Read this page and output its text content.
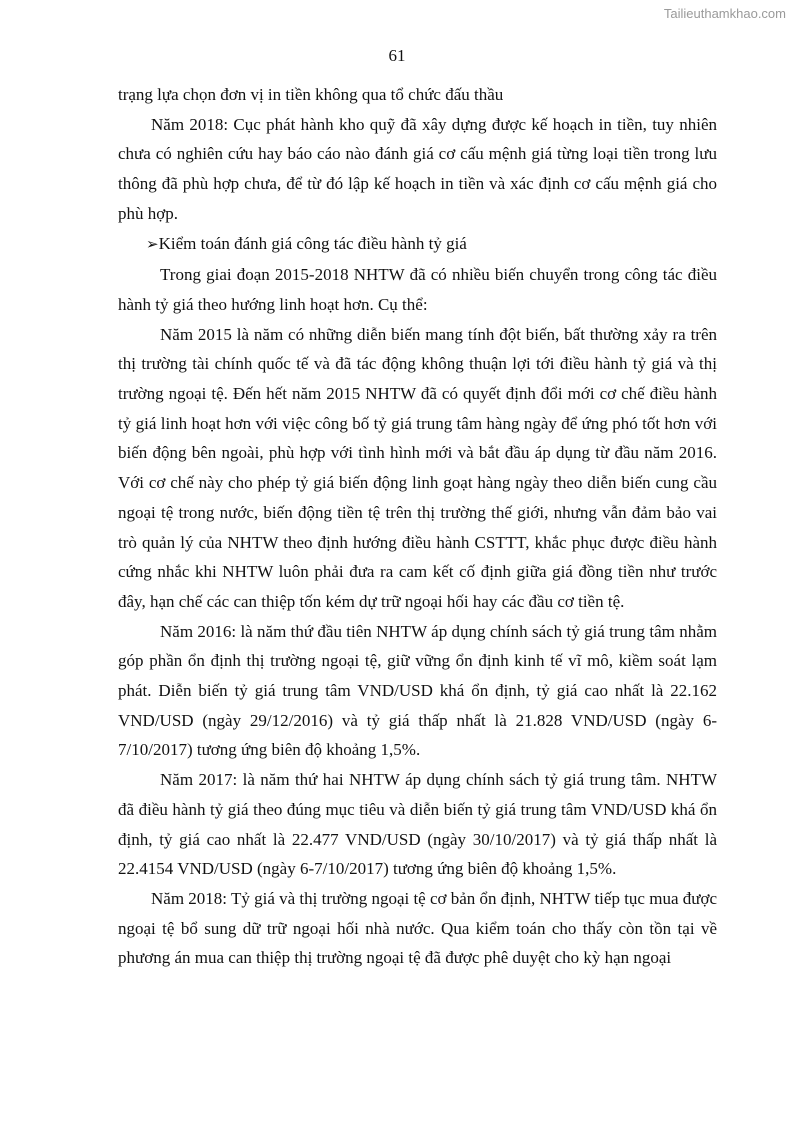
Tailieuthamkhao.com
61

trạng lựa chọn đơn vị in tiền không qua tổ chức đấu thầu

Năm 2018: Cục phát hành kho quỹ đã xây dựng được kế hoạch in tiền, tuy nhiên chưa có nghiên cứu hay báo cáo nào đánh giá cơ cấu mệnh giá từng loại tiền trong lưu thông đã phù hợp chưa, để từ đó lập kế hoạch in tiền và xác định cơ cấu mệnh giá cho phù hợp.

➢Kiểm toán đánh giá công tác điều hành tỷ giá

Trong giai đoạn 2015-2018 NHTW đã có nhiều biến chuyển trong công tác điều hành tỷ giá theo hướng linh hoạt hơn. Cụ thể:

Năm 2015 là năm có những diễn biến mang tính đột biến, bất thường xảy ra trên thị trường tài chính quốc tế và đã tác động không thuận lợi tới điều hành tỷ giá và thị trường ngoại tệ. Đến hết năm 2015 NHTW đã có quyết định đổi mới cơ chế điều hành tỷ giá linh hoạt hơn với việc công bố tỷ giá trung tâm hàng ngày để ứng phó tốt hơn với biến động bên ngoài, phù hợp với tình hình mới và bắt đầu áp dụng từ đầu năm 2016. Với cơ chế này cho phép tỷ giá biến động linh goạt hàng ngày theo diễn biến cung cầu ngoại tệ trong nước, biến động tiền tệ trên thị trường thế giới, nhưng vẫn đảm bảo vai trò quản lý của NHTW theo định hướng điều hành CSTTT, khắc phục được điều hành cứng nhắc khi NHTW luôn phải đưa ra cam kết cố định giữa giá đồng tiền như trước đây, hạn chế các can thiệp tốn kém dự trữ ngoại hối hay các đầu cơ tiền tệ.

Năm 2016: là năm thứ đầu tiên NHTW áp dụng chính sách tỷ giá trung tâm nhằm góp phần ổn định thị trường ngoại tệ, giữ vững ổn định kinh tế vĩ mô, kiềm soát lạm phát. Diễn biến tỷ giá trung tâm VND/USD khá ổn định, tỷ giá cao nhất là 22.162 VND/USD (ngày 29/12/2016) và tỷ giá thấp nhất là 21.828 VND/USD (ngày 6-7/10/2017) tương ứng biên độ khoảng 1,5%.

Năm 2017: là năm thứ hai NHTW áp dụng chính sách tỷ giá trung tâm. NHTW đã điều hành tỷ giá theo đúng mục tiêu và diễn biến tỷ giá trung tâm VND/USD khá ổn định, tỷ giá cao nhất là 22.477 VND/USD (ngày 30/10/2017) và tỷ giá thấp nhất là 22.4154 VND/USD (ngày 6-7/10/2017) tương ứng biên độ khoảng 1,5%.

Năm 2018: Tỷ giá và thị trường ngoại tệ cơ bản ổn định, NHTW tiếp tục mua được ngoại tệ bổ sung dữ trữ ngoại hối nhà nước. Qua kiểm toán cho thấy còn tồn tại về phương án mua can thiệp thị trường ngoại tệ đã được phê duyệt cho kỳ hạn ngoại
